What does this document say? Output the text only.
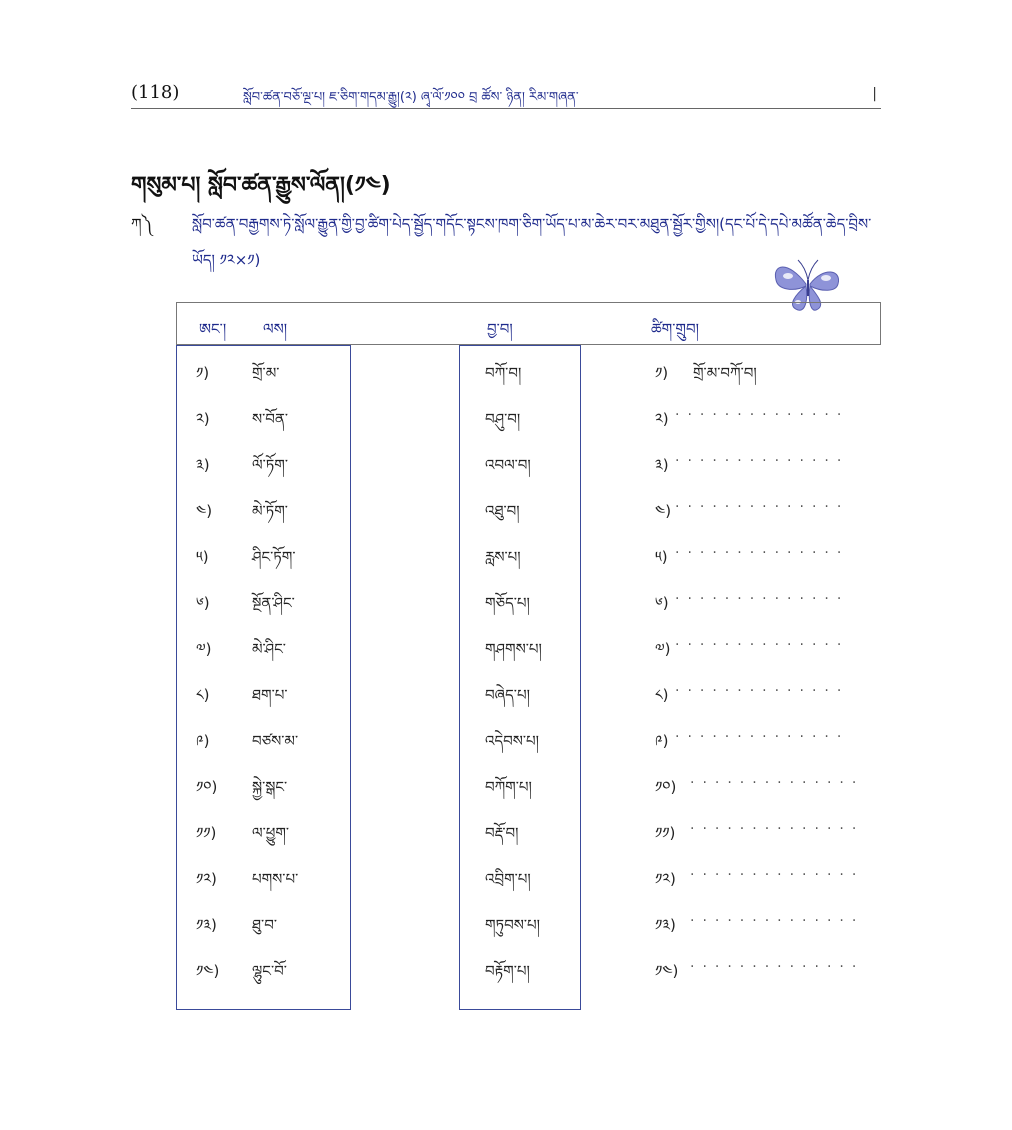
(118)	སློབ་ཚན་བཅོ་ལྔ་པ། ཇ་ཅིག་གདམ་རྒྱུ།(༢) ཞྭ་ལོ་༡༠༠ བྲ ཚོས་ ཉིན། རིམ་གཞན་	|
གསུམ་པ། སློབ་ཚན་རྒྱུས་ལོན།(༡༤)
ཀ༽	སློབ་ཚན་བརྒྱགས་ཏེ་སློལ་རྒྱུན་གྱི་བྱ་ཚིག་པེད་སྦྱོད་གདོང་སྟངས་ཁག་ཅིག་ཡོད་པ་མ་ཆེར་བར་མཐུན་སྦྱོར་གྱིས།(དང་པོ་དེ་དཔེ་མཚོན་ཆེད་བྲིས་ཡོད། ༡༢×༡)
ཨང་། ལས།	བྱ་བ།	ཚིག་གྲུབ།
༡)	གྲོ་མ་	བཀོ་བ།	༡) གྲོ་མ་བཀོ་བ།
༢)	ས་བོན་	བཤུ་བ།	༢) ··············
༣)	ལོ་ཏོག་	འབལ་བ།	༣) ··············
༤)	མེ་ཏོག་	འཐུ་བ།	༤) ··············
༥)	ཤིང་ཏོག་	རླས་པ།	༥) ··············
༦)	སྔོན་ཤིང་	གཅོད་པ།	༦) ··············
༧)	མེ་ཤིང་	གཤགས་པ།	༧) ··············
༨)	ཐག་པ་	བཞེད་པ།	༨) ··············
༩)	བཙས་མ་	འདེབས་པ།	༩) ··············
༡༠) སྐྱེ་སྒང་	བཀོག་པ།	༡༠) ··············
༡༡) ལ་ཕྱུག་	བརྡོ་བ།	༡༡) ··············
༡༢) པགས་པ་	འབྲིག་པ།	༡༢) ··············
༡༣) ཐུ་བ་	གཏུབས་པ།	༡༣) ··············
༡༤) ལྷུང་བོ་	བརྟོག་པ།	༡༤) ··············
